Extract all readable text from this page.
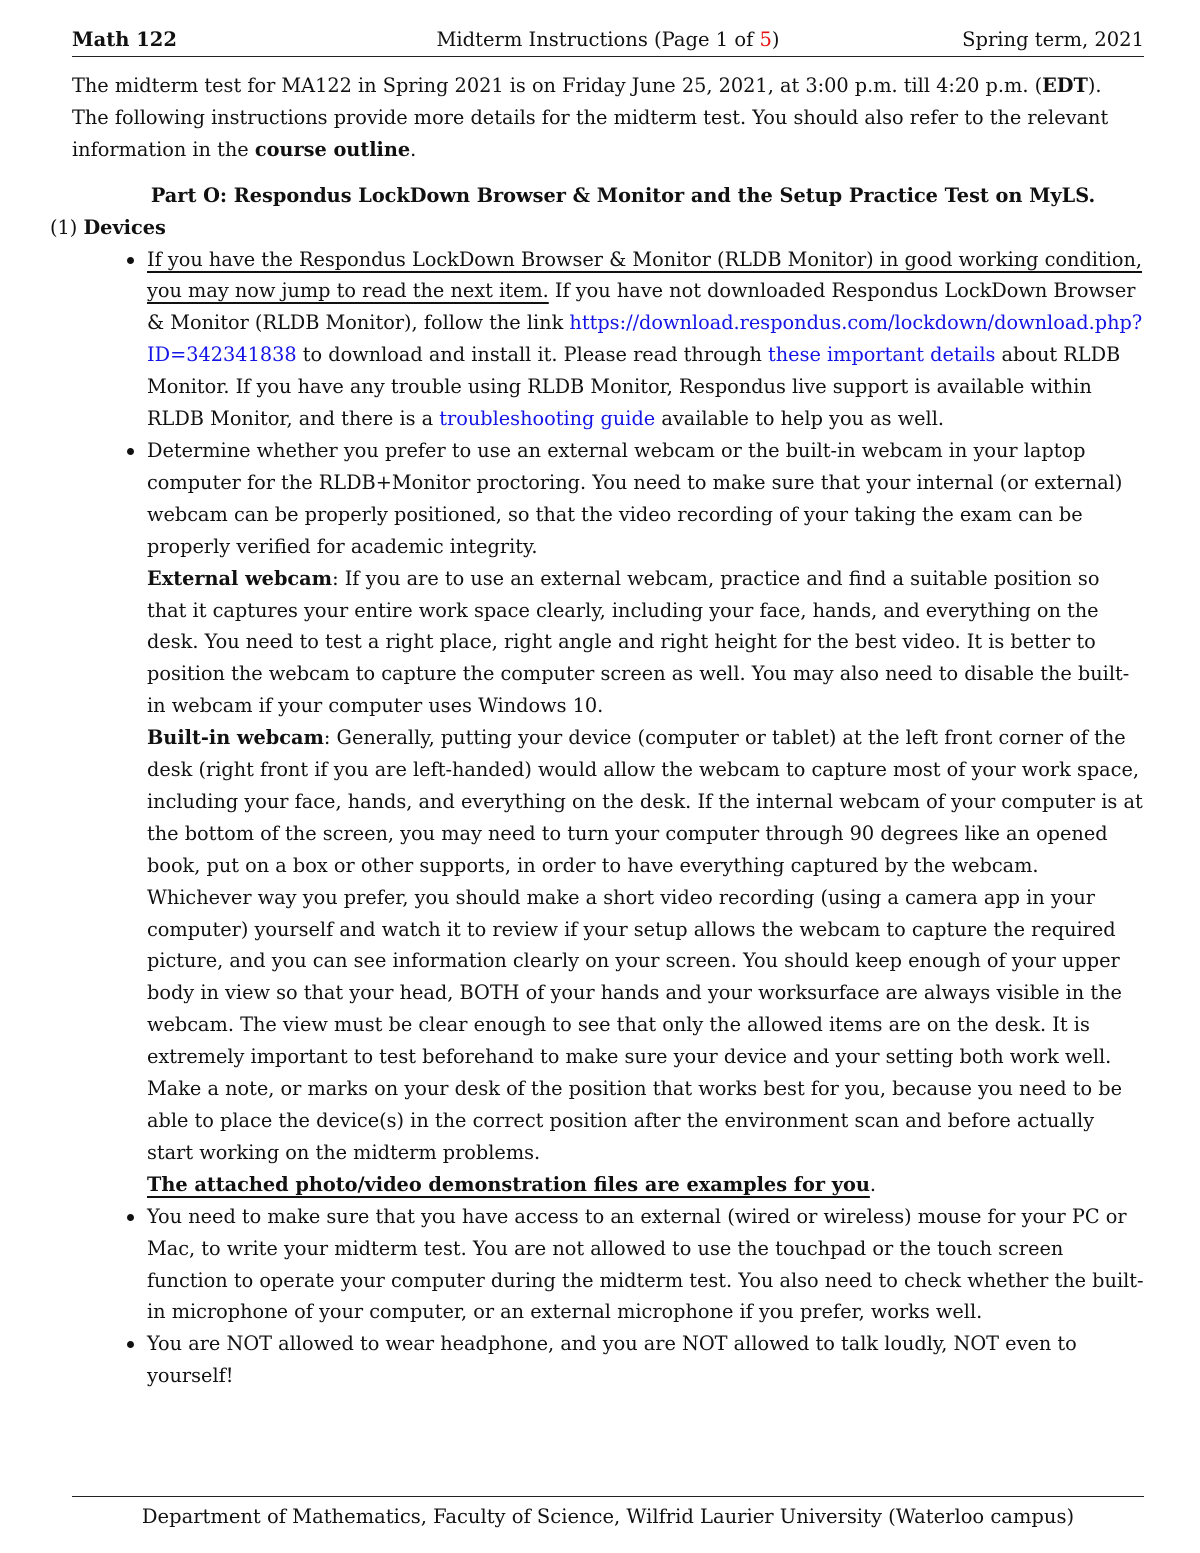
Math 122	Midterm Instructions (Page 1 of 5)	Spring term, 2021

The midterm test for MA122 in Spring 2021 is on Friday June 25, 2021, at 3:00 p.m. till 4:20 p.m. (EDT). The following instructions provide more details for the midterm test. You should also refer to the relevant information in the course outline.

Part O: Respondus LockDown Browser & Monitor and the Setup Practice Test on MyLS.

(1) Devices

If you have the Respondus LockDown Browser & Monitor (RLDB Monitor) in good working condition, you may now jump to read the next item. If you have not downloaded Respondus LockDown Browser & Monitor (RLDB Monitor), follow the link https://download.respondus.com/lockdown/download.php?ID=342341838 to download and install it. Please read through these important details about RLDB Monitor. If you have any trouble using RLDB Monitor, Respondus live support is available within RLDB Monitor, and there is a troubleshooting guide available to help you as well.

Determine whether you prefer to use an external webcam or the built-in webcam in your laptop computer for the RLDB+Monitor proctoring. You need to make sure that your internal (or external) webcam can be properly positioned, so that the video recording of your taking the exam can be properly verified for academic integrity.

External webcam: If you are to use an external webcam, practice and find a suitable position so that it captures your entire work space clearly, including your face, hands, and everything on the desk. You need to test a right place, right angle and right height for the best video. It is better to position the webcam to capture the computer screen as well. You may also need to disable the built-in webcam if your computer uses Windows 10.

Built-in webcam: Generally, putting your device (computer or tablet) at the left front corner of the desk (right front if you are left-handed) would allow the webcam to capture most of your work space, including your face, hands, and everything on the desk. If the internal webcam of your computer is at the bottom of the screen, you may need to turn your computer through 90 degrees like an opened book, put on a box or other supports, in order to have everything captured by the webcam.

Whichever way you prefer, you should make a short video recording (using a camera app in your computer) yourself and watch it to review if your setup allows the webcam to capture the required picture, and you can see information clearly on your screen. You should keep enough of your upper body in view so that your head, BOTH of your hands and your worksurface are always visible in the webcam. The view must be clear enough to see that only the allowed items are on the desk. It is extremely important to test beforehand to make sure your device and your setting both work well. Make a note, or marks on your desk of the position that works best for you, because you need to be able to place the device(s) in the correct position after the environment scan and before actually start working on the midterm problems.

The attached photo/video demonstration files are examples for you.

You need to make sure that you have access to an external (wired or wireless) mouse for your PC or Mac, to write your midterm test. You are not allowed to use the touchpad or the touch screen function to operate your computer during the midterm test. You also need to check whether the built-in microphone of your computer, or an external microphone if you prefer, works well.
You are NOT allowed to wear headphone, and you are NOT allowed to talk loudly, NOT even to yourself!
Department of Mathematics, Faculty of Science, Wilfrid Laurier University (Waterloo campus)
